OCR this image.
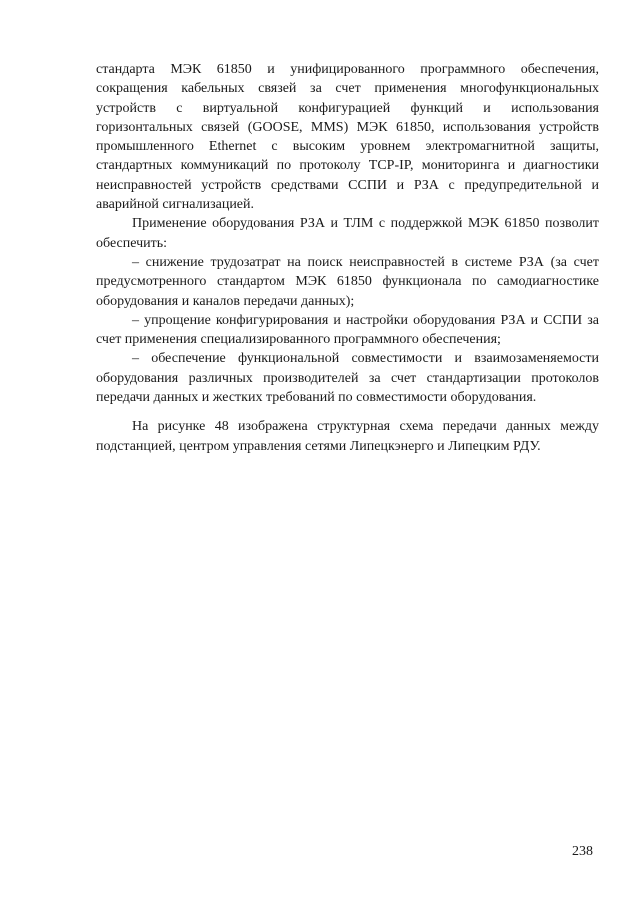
стандарта МЭК 61850 и унифицированного программного обеспечения,
сокращения кабельных связей за счет применения многофункциональных
устройств с виртуальной конфигурацией функций и использования
горизонтальных связей (GOOSE, MMS) МЭК 61850, использования устройств
промышленного Ethernet с высоким уровнем электромагнитной защиты,
стандартных коммуникаций по протоколу TCP-IP, мониторинга и диагностики
неисправностей устройств средствами ССПИ и РЗА с предупредительной и
аварийной сигнализацией.
Применение оборудования РЗА и ТЛМ с поддержкой МЭК 61850 позволит
обеспечить:
– снижение трудозатрат на поиск неисправностей в системе РЗА (за счет
предусмотренного стандартом МЭК 61850 функционала по самодиагностике
оборудования и каналов передачи данных);
– упрощение конфигурирования и настройки оборудования РЗА и ССПИ за
счет применения специализированного программного обеспечения;
– обеспечение функциональной совместимости и взаимозаменяемости
оборудования различных производителей за счет стандартизации протоколов
передачи данных и жестких требований по совместимости оборудования.
На рисунке 48 изображена структурная схема передачи данных между
подстанцией, центром управления сетями Липецкэнерго и Липецким РДУ.
238
